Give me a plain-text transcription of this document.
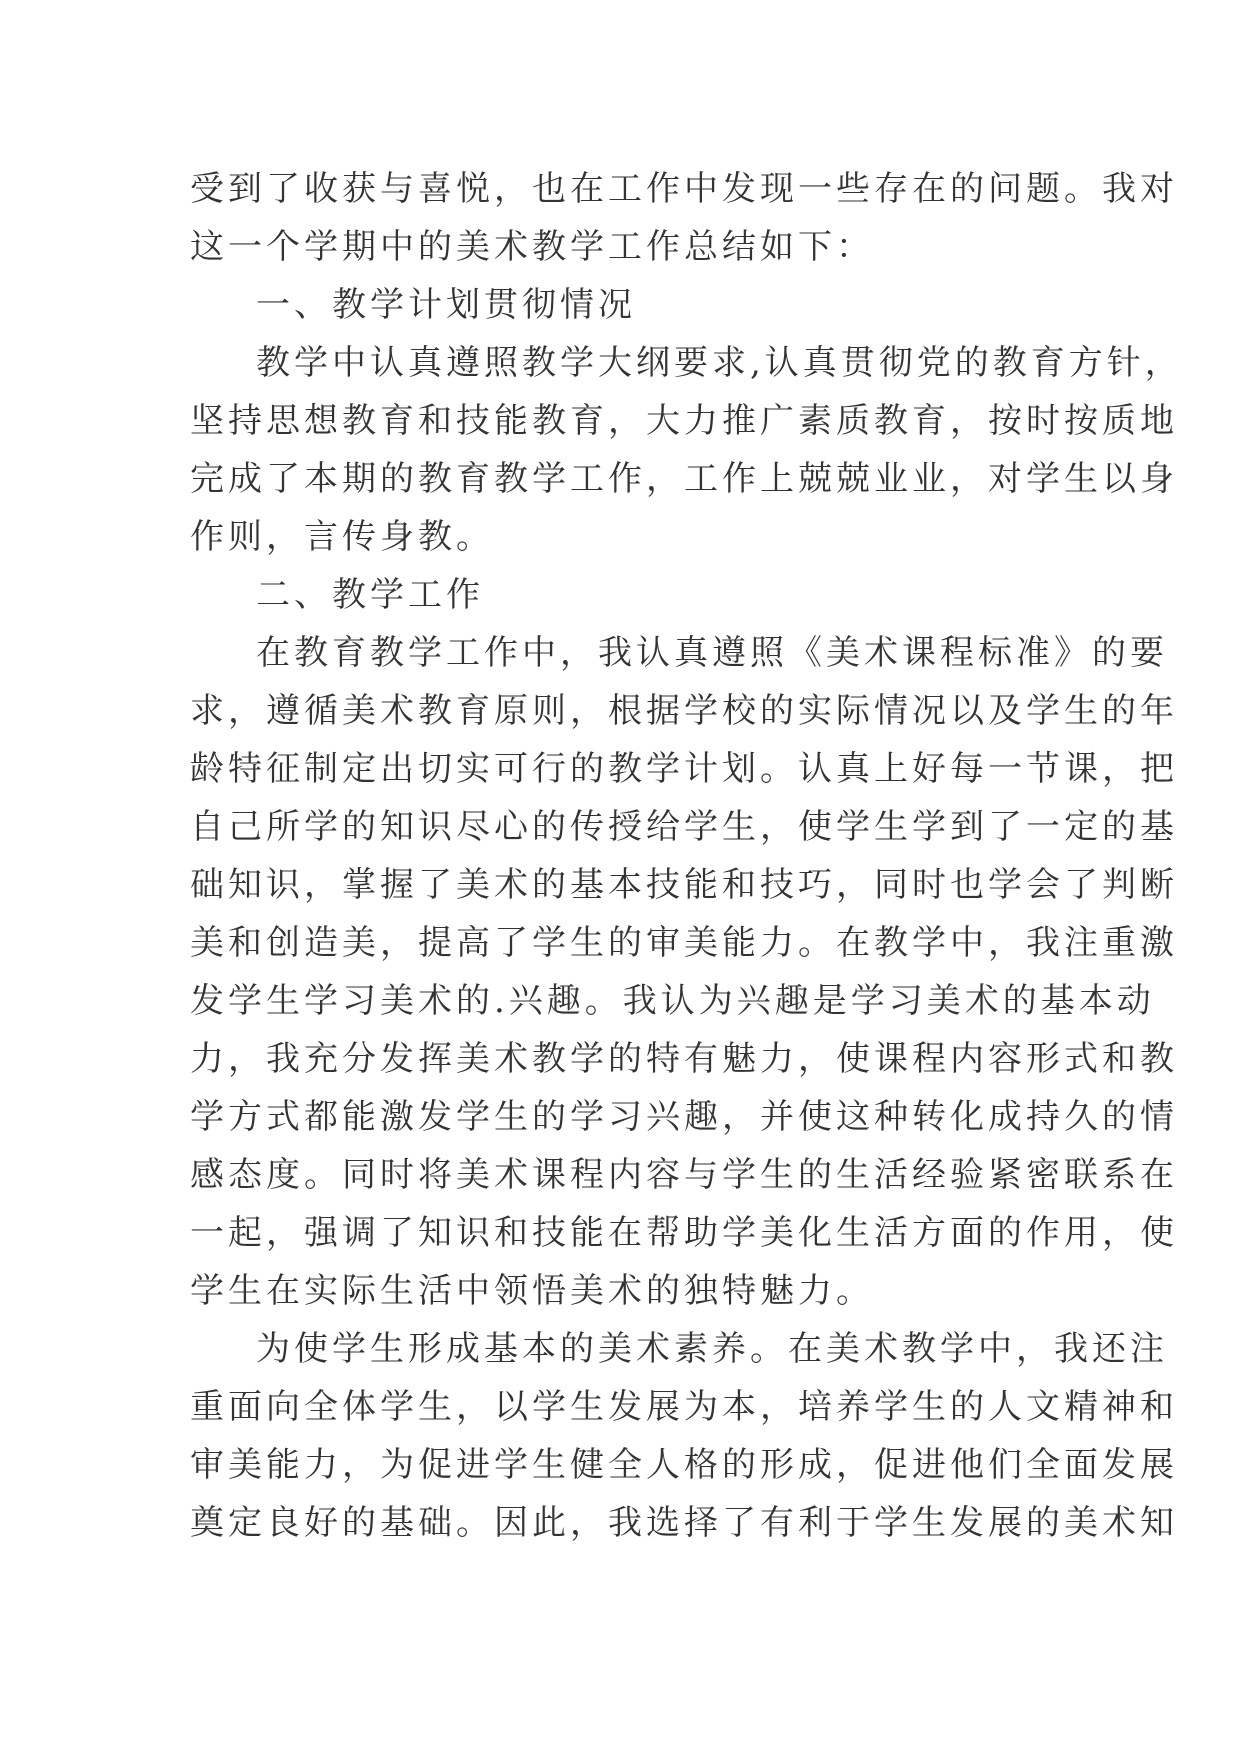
受到了收获与喜悦，也在工作中发现一些存在的问题。我对
这一个学期中的美术教学工作总结如下：
一、教学计划贯彻情况
教学中认真遵照教学大纲要求,认真贯彻党的教育方针，
坚持思想教育和技能教育，大力推广素质教育，按时按质地
完成了本期的教育教学工作，工作上兢兢业业，对学生以身
作则，言传身教。
二、教学工作
在教育教学工作中，我认真遵照《美术课程标准》的要
求，遵循美术教育原则，根据学校的实际情况以及学生的年
龄特征制定出切实可行的教学计划。认真上好每一节课，把
自己所学的知识尽心的传授给学生，使学生学到了一定的基
础知识，掌握了美术的基本技能和技巧，同时也学会了判断
美和创造美，提高了学生的审美能力。在教学中，我注重激
发学生学习美术的.兴趣。我认为兴趣是学习美术的基本动
力，我充分发挥美术教学的特有魅力，使课程内容形式和教
学方式都能激发学生的学习兴趣，并使这种转化成持久的情
感态度。同时将美术课程内容与学生的生活经验紧密联系在
一起，强调了知识和技能在帮助学美化生活方面的作用，使
学生在实际生活中领悟美术的独特魅力。
为使学生形成基本的美术素养。在美术教学中，我还注
重面向全体学生，以学生发展为本，培养学生的人文精神和
审美能力，为促进学生健全人格的形成，促进他们全面发展
奠定良好的基础。因此，我选择了有利于学生发展的美术知
